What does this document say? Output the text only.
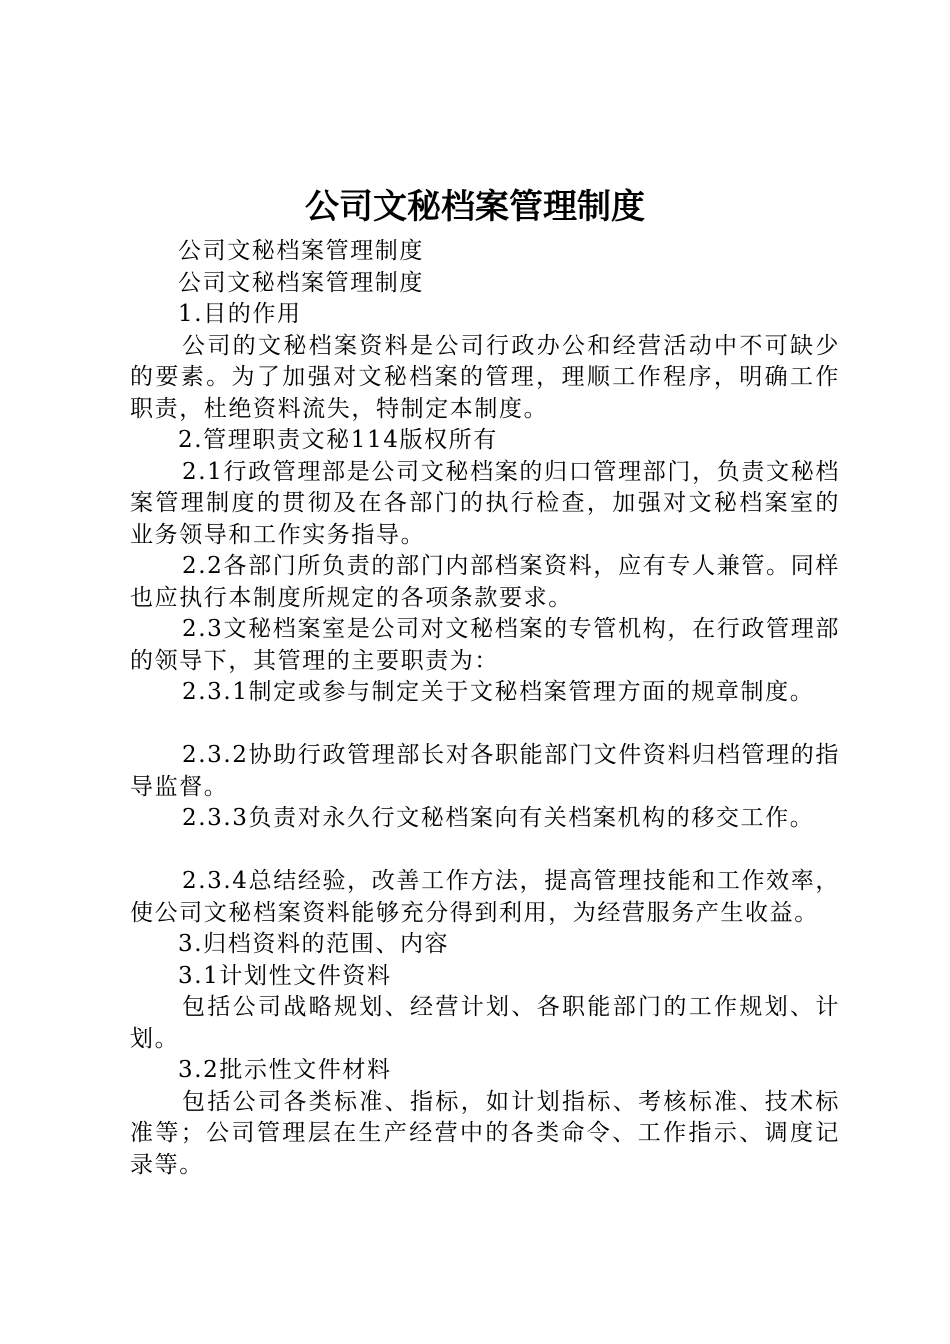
公司文秘档案管理制度

公司文秘档案管理制度

公司文秘档案管理制度

1.目的作用

公司的文秘档案资料是公司行政办公和经营活动中不可缺少的要素。为了加强对文秘档案的管理，理顺工作程序，明确工作职责，杜绝资料流失，特制定本制度。

2.管理职责文秘114版权所有

2.1行政管理部是公司文秘档案的归口管理部门，负责文秘档案管理制度的贯彻及在各部门的执行检查，加强对文秘档案室的业务领导和工作实务指导。

2.2各部门所负责的部门内部档案资料，应有专人兼管。同样也应执行本制度所规定的各项条款要求。

2.3文秘档案室是公司对文秘档案的专管机构，在行政管理部的领导下，其管理的主要职责为：

2.3.1制定或参与制定关于文秘档案管理方面的规章制度。

2.3.2协助行政管理部长对各职能部门文件资料归档管理的指导监督。

2.3.3负责对永久行文秘档案向有关档案机构的移交工作。

2.3.4总结经验，改善工作方法，提高管理技能和工作效率，使公司文秘档案资料能够充分得到利用，为经营服务产生收益。

3.归档资料的范围、内容

3.1计划性文件资料

包括公司战略规划、经营计划、各职能部门的工作规划、计划。

3.2批示性文件材料

包括公司各类标准、指标，如计划指标、考核标准、技术标准等；公司管理层在生产经营中的各类命令、工作指示、调度记录等。
